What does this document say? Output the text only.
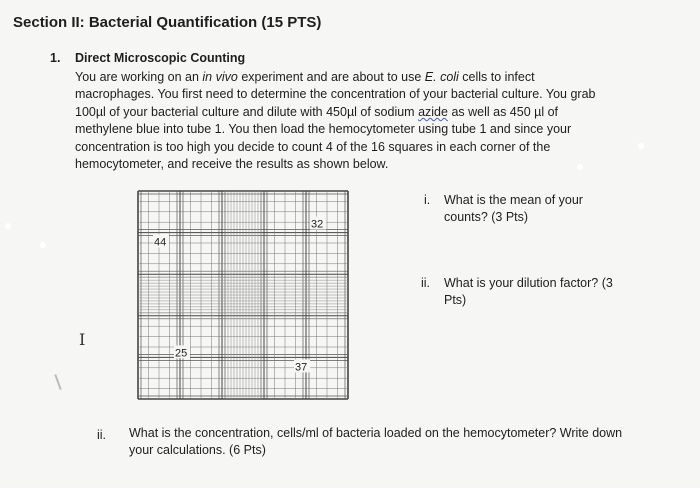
Section II: Bacterial Quantification (15 PTS)
1. Direct Microscopic Counting
You are working on an in vivo experiment and are about to use E. coli cells to infect
macrophages. You first need to determine the concentration of your bacterial culture. You grab
100µl of your bacterial culture and dilute with 450µl of sodium azide as well as 450 µl of
methylene blue into tube 1. You then load the hemocytometer using tube 1 and since your
concentration is too high you decide to count 4 of the 16 squares in each corner of the
hemocytometer, and receive the results as shown below.
32
44
25
37
i. What is the mean of your counts? (3 Pts)
ii. What is your dilution factor? (3 Pts)
ii. What is the concentration, cells/ml of bacteria loaded on the hemocytometer? Write down your calculations. (6 Pts)
I
